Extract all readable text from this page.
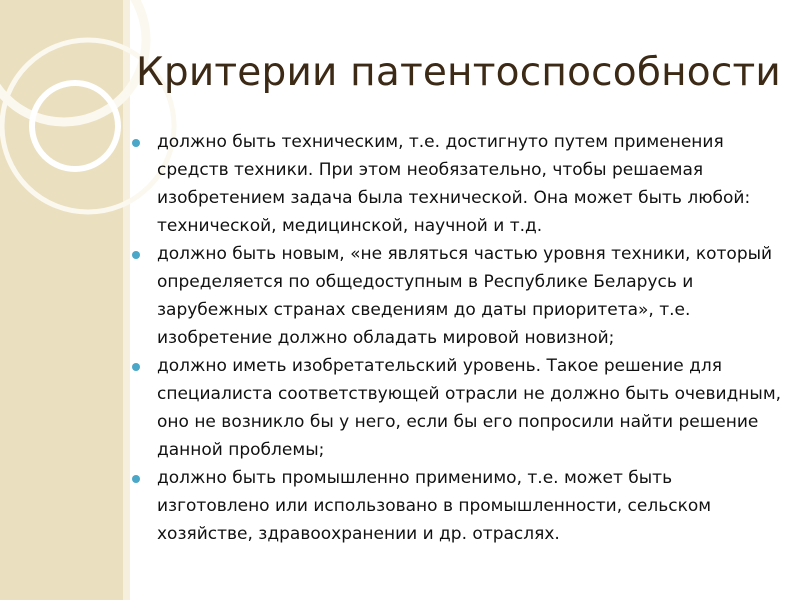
Критерии патентоспособности
должно быть техническим, т.е. достигнуто путем применения средств техники. При этом необязательно, чтобы решаемая изобретением задача была технической. Она может быть любой: технической, медицинской, научной и т.д.
должно быть новым, «не являться частью уровня техники, который определяется по общедоступным в Республике Беларусь и зарубежных странах сведениям до даты приоритета», т.е. изобретение должно обладать мировой новизной;
должно иметь изобретательский уровень. Такое решение для специалиста соответствующей отрасли не должно быть очевидным, оно не возникло бы у него, если бы его попросили найти решение данной проблемы;
должно быть промышленно применимо, т.е. может быть изготовлено или использовано в промышленности, сельском хозяйстве, здравоохранении и др. отраслях.
